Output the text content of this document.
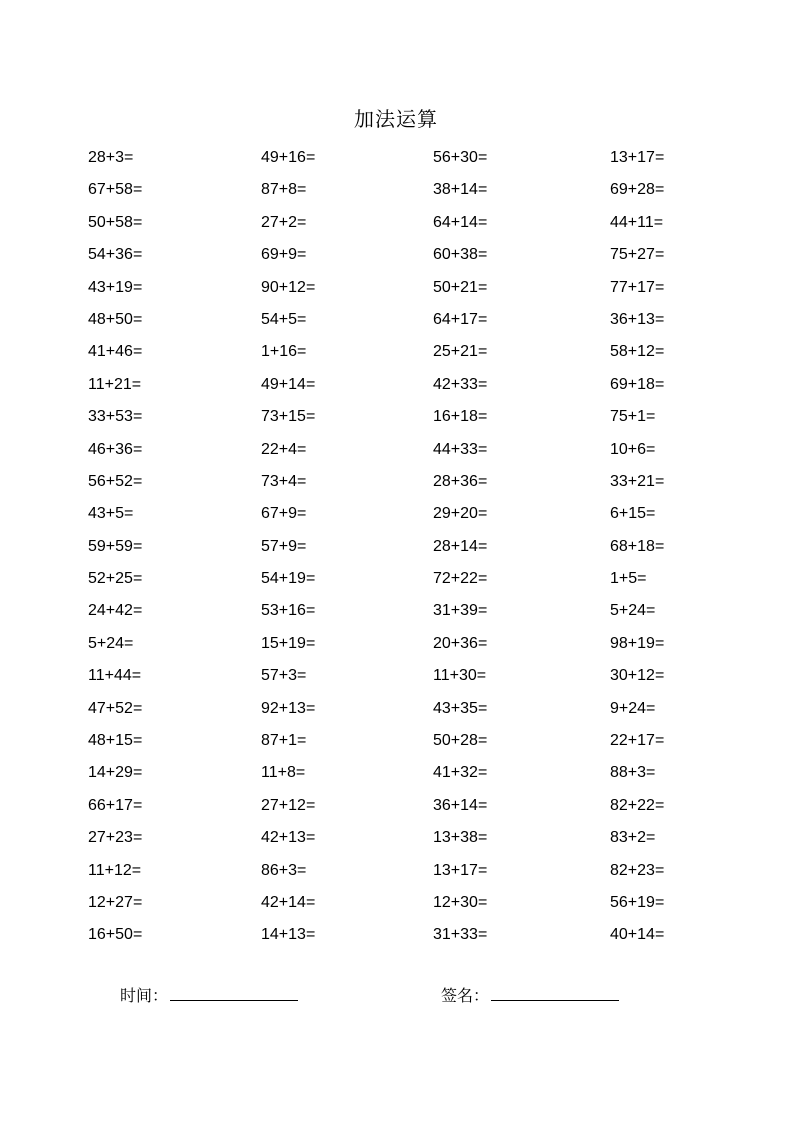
加法运算
28+3=	49+16=	56+30=	13+17=
67+58=	87+8=	38+14=	69+28=
50+58=	27+2=	64+14=	44+11=
54+36=	69+9=	60+38=	75+27=
43+19=	90+12=	50+21=	77+17=
48+50=	54+5=	64+17=	36+13=
41+46=	1+16=	25+21=	58+12=
11+21=	49+14=	42+33=	69+18=
33+53=	73+15=	16+18=	75+1=
46+36=	22+4=	44+33=	10+6=
56+52=	73+4=	28+36=	33+21=
43+5=	67+9=	29+20=	6+15=
59+59=	57+9=	28+14=	68+18=
52+25=	54+19=	72+22=	1+5=
24+42=	53+16=	31+39=	5+24=
5+24=	15+19=	20+36=	98+19=
11+44=	57+3=	11+30=	30+12=
47+52=	92+13=	43+35=	9+24=
48+15=	87+1=	50+28=	22+17=
14+29=	11+8=	41+32=	88+3=
66+17=	27+12=	36+14=	82+22=
27+23=	42+13=	13+38=	83+2=
11+12=	86+3=	13+17=	82+23=
12+27=	42+14=	12+30=	56+19=
16+50=	14+13=	31+33=	40+14=
时间：	签名：
